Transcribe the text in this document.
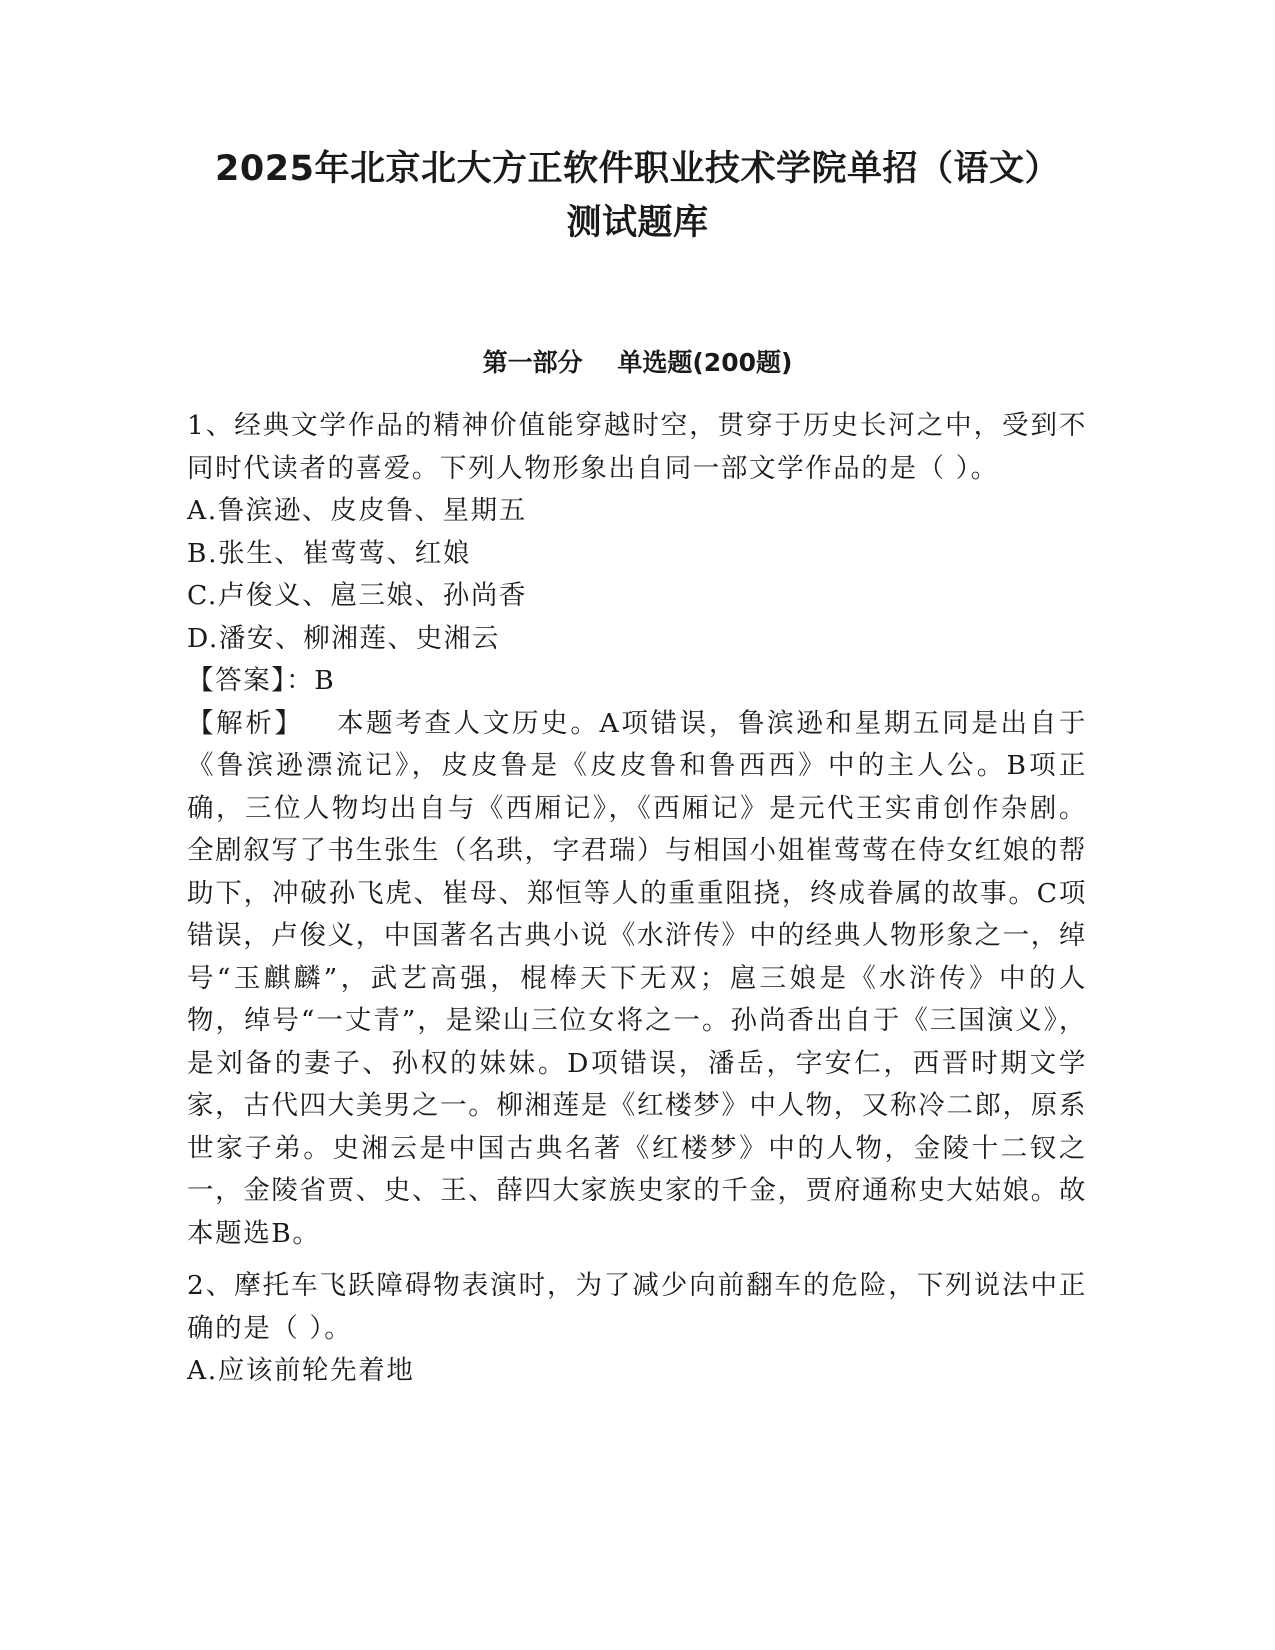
2025年北京北大方正软件职业技术学院单招（语文）
测试题库
第一部分    单选题(200题)

1、经典文学作品的精神价值能穿越时空，贯穿于历史长河之中，受到不同时代读者的喜爱。下列人物形象出自同一部文学作品的是（ ）。

A.鲁滨逊、皮皮鲁、星期五

B.张生、崔莺莺、红娘

C.卢俊义、扈三娘、孙尚香

D.潘安、柳湘莲、史湘云

【答案】：B

【解析】 本题考查人文历史。A项错误，鲁滨逊和星期五同是出自于《鲁滨逊漂流记》，皮皮鲁是《皮皮鲁和鲁西西》中的主人公。B项正确，三位人物均出自与《西厢记》，《西厢记》是元代王实甫创作杂剧。全剧叙写了书生张生（名珙，字君瑞）与相国小姐崔莺莺在侍女红娘的帮助下，冲破孙飞虎、崔母、郑恒等人的重重阻挠，终成眷属的故事。C项错误，卢俊义，中国著名古典小说《水浒传》中的经典人物形象之一，绰号“玉麒麟”，武艺高强，棍棒天下无双；扈三娘是《水浒传》中的人物，绰号“一丈青”，是梁山三位女将之一。孙尚香出自于《三国演义》，是刘备的妻子、孙权的妹妹。D项错误，潘岳，字安仁，西晋时期文学家，古代四大美男之一。柳湘莲是《红楼梦》中人物，又称冷二郎，原系世家子弟。史湘云是中国古典名著《红楼梦》中的人物，金陵十二钗之一，金陵省贾、史、王、薛四大家族史家的千金，贾府通称史大姑娘。故本题选B。

2、摩托车飞跃障碍物表演时，为了减少向前翻车的危险，下列说法中正确的是（ ）。

A.应该前轮先着地
